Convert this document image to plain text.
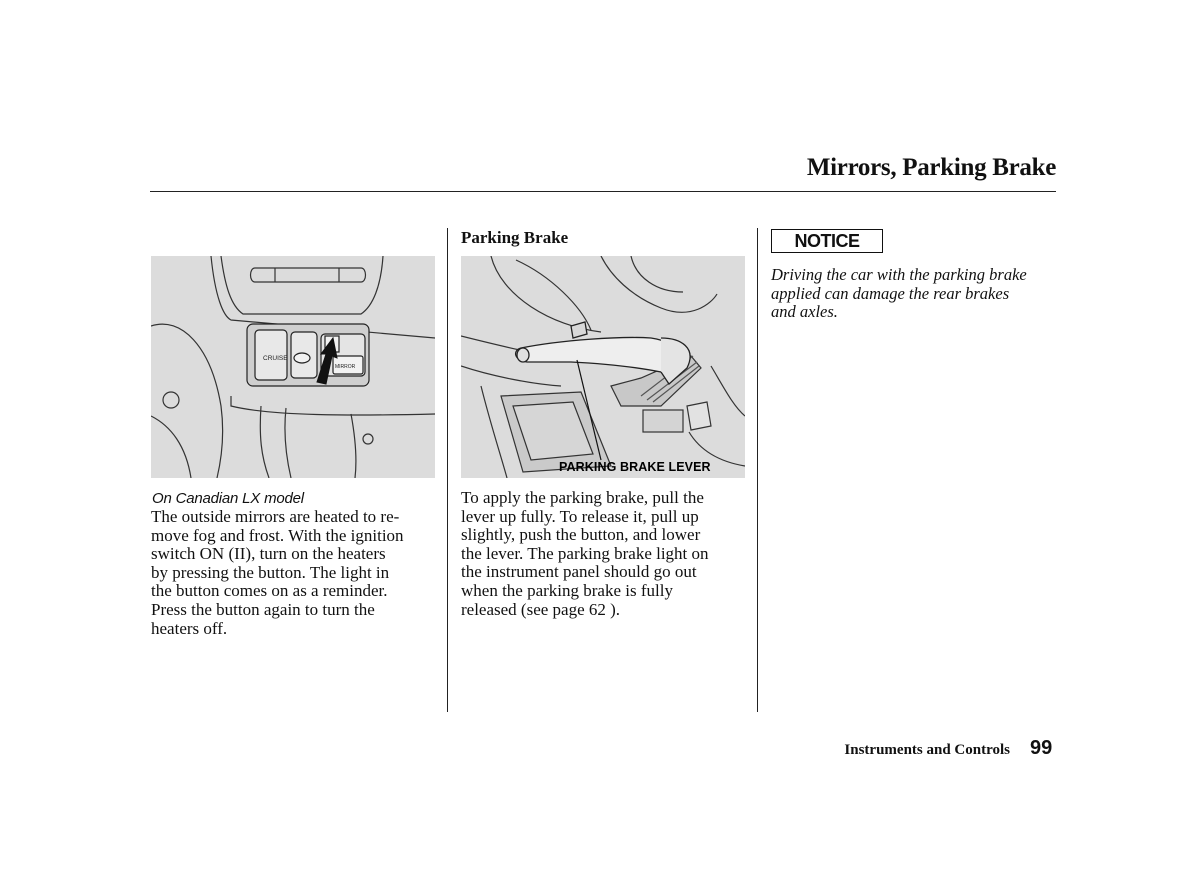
Mirrors, Parking Brake
CRUISE
MIRROR
On Canadian LX model
The outside mirrors are heated to re-
move fog and frost. With the ignition
switch ON (II), turn on the heaters
by pressing the button. The light in
the button comes on as a reminder.
Press the button again to turn the
heaters off.
Parking Brake
PARKING BRAKE LEVER
To apply the parking brake, pull the
lever up fully. To release it, pull up
slightly, push the button, and lower
the lever. The parking brake light on
the instrument panel should go out
when the parking brake is fully
released (see page 62 ).
NOTICE
Driving the car with the parking brake
applied can damage the rear brakes
and axles.
Instruments and Controls 99
